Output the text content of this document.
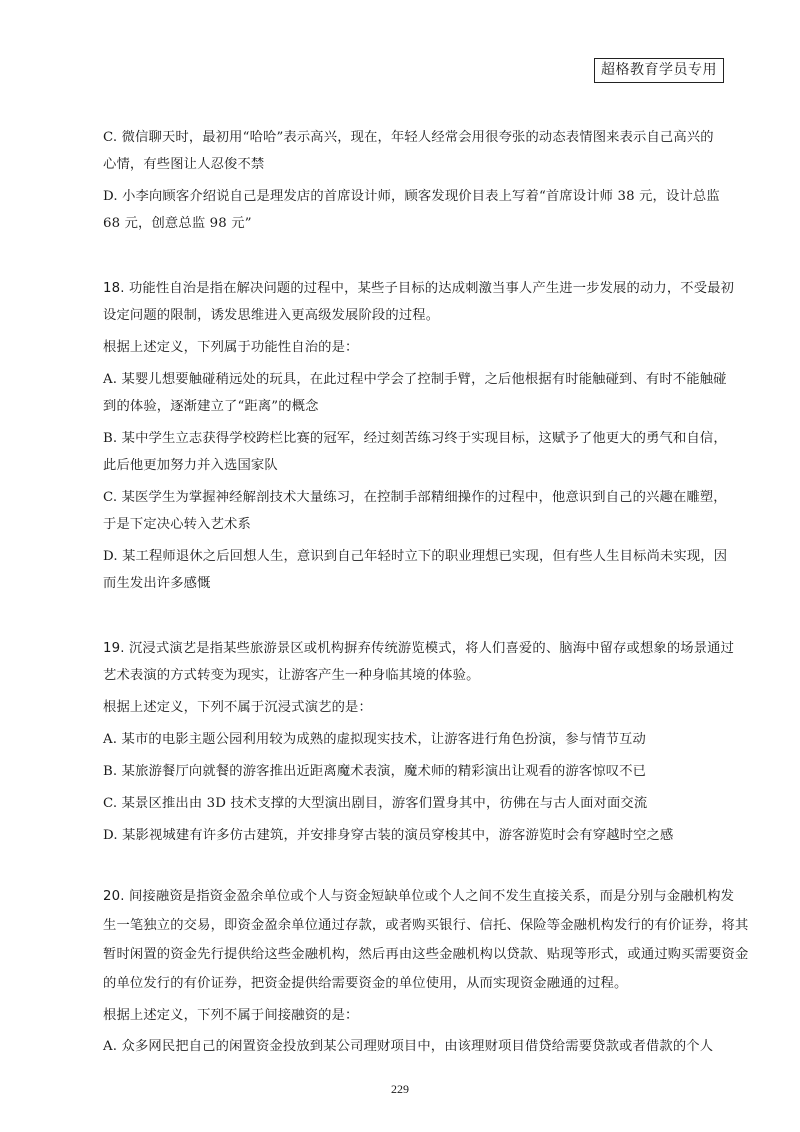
超格教育学员专用
C. 微信聊天时，最初用“哈哈”表示高兴，现在，年轻人经常会用很夸张的动态表情图来表示自己高兴的
心情，有些图让人忍俊不禁
D. 小李向顾客介绍说自己是理发店的首席设计师，顾客发现价目表上写着“首席设计师 38 元，设计总监
68 元，创意总监 98 元”
18. 功能性自治是指在解决问题的过程中，某些子目标的达成刺激当事人产生进一步发展的动力，不受最初
设定问题的限制，诱发思维进入更高级发展阶段的过程。
根据上述定义，下列属于功能性自治的是：
A. 某婴儿想要触碰稍远处的玩具，在此过程中学会了控制手臂，之后他根据有时能触碰到、有时不能触碰
到的体验，逐渐建立了“距离”的概念
B. 某中学生立志获得学校跨栏比赛的冠军，经过刻苦练习终于实现目标，这赋予了他更大的勇气和自信，
此后他更加努力并入选国家队
C. 某医学生为掌握神经解剖技术大量练习，在控制手部精细操作的过程中，他意识到自己的兴趣在雕塑，
于是下定决心转入艺术系
D. 某工程师退休之后回想人生，意识到自己年轻时立下的职业理想已实现，但有些人生目标尚未实现，因
而生发出许多感慨
19. 沉浸式演艺是指某些旅游景区或机构摒弃传统游览模式，将人们喜爱的、脑海中留存或想象的场景通过
艺术表演的方式转变为现实，让游客产生一种身临其境的体验。
根据上述定义，下列不属于沉浸式演艺的是：
A. 某市的电影主题公园利用较为成熟的虚拟现实技术，让游客进行角色扮演，参与情节互动
B. 某旅游餐厅向就餐的游客推出近距离魔术表演，魔术师的精彩演出让观看的游客惊叹不已
C. 某景区推出由 3D 技术支撑的大型演出剧目，游客们置身其中，彷佛在与古人面对面交流
D. 某影视城建有许多仿古建筑，并安排身穿古装的演员穿梭其中，游客游览时会有穿越时空之感
20. 间接融资是指资金盈余单位或个人与资金短缺单位或个人之间不发生直接关系，而是分别与金融机构发
生一笔独立的交易，即资金盈余单位通过存款，或者购买银行、信托、保险等金融机构发行的有价证券，将其
暂时闲置的资金先行提供给这些金融机构，然后再由这些金融机构以贷款、贴现等形式，或通过购买需要资金
的单位发行的有价证券，把资金提供给需要资金的单位使用，从而实现资金融通的过程。
根据上述定义，下列不属于间接融资的是：
A. 众多网民把自己的闲置资金投放到某公司理财项目中，由该理财项目借贷给需要贷款或者借款的个人
229
